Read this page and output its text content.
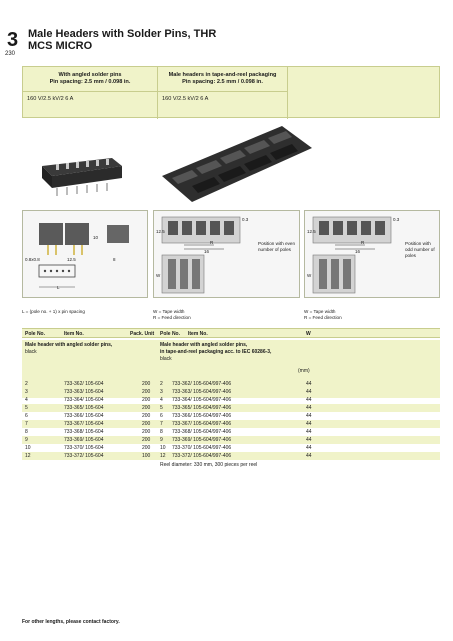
3
230
Male Headers with Solder Pins, THR
MCS MICRO
With angled solder pins
Pin spacing: 2.5 mm / 0.098 in.
160 V/2.5 kV/2 6 A
Male headers in tape-and-reel packaging
Pin spacing: 2.5 mm / 0.098 in.
160 V/2.5 kV/2 6 A
0.8x0.8
L
12.5
10
8
R
16
12.5
W
0.3
Position with even number of poles
R
16
12.5
W
0.3
Position with odd number of poles
L = (pole no. + 1) x pin spacing	W = Tape width
R = Feed direction
W = Tape width
R = Feed direction
Pole No.	Item No.	Pack. Unit Pole No. Item No.	W
Male header with angled solder pins,
black
Male header with angled solder pins,
in tape-and-reel packaging acc. to IEC 60286-3,
black
(mm)
2	733-362/ 105-604	200 2 733-362/ 105-604/997-406	44
3	733-363/ 105-604	200 3 733-363/ 105-604/997-406	44
4	733-364/ 105-604	200 4 733-364/ 105-604/997-406	44
5	733-365/ 105-604	200 5 733-365/ 105-604/997-406	44
6	733-366/ 105-604	200 6 733-366/ 105-604/997-406	44
7	733-367/ 105-604	200 7 733-367/ 105-604/997-406	44
8	733-368/ 105-604	200 8 733-368/ 105-604/997-406	44
9	733-369/ 105-604	200 9 733-369/ 105-604/997-406	44
10	733-370/ 105-604	200 10 733-370/ 105-604/997-406	44
12	733-372/ 105-604	100 12 733-372/ 105-604/997-406	44
Reel diameter: 330 mm, 300 pieces per reel
For other lengths, please contact factory.
